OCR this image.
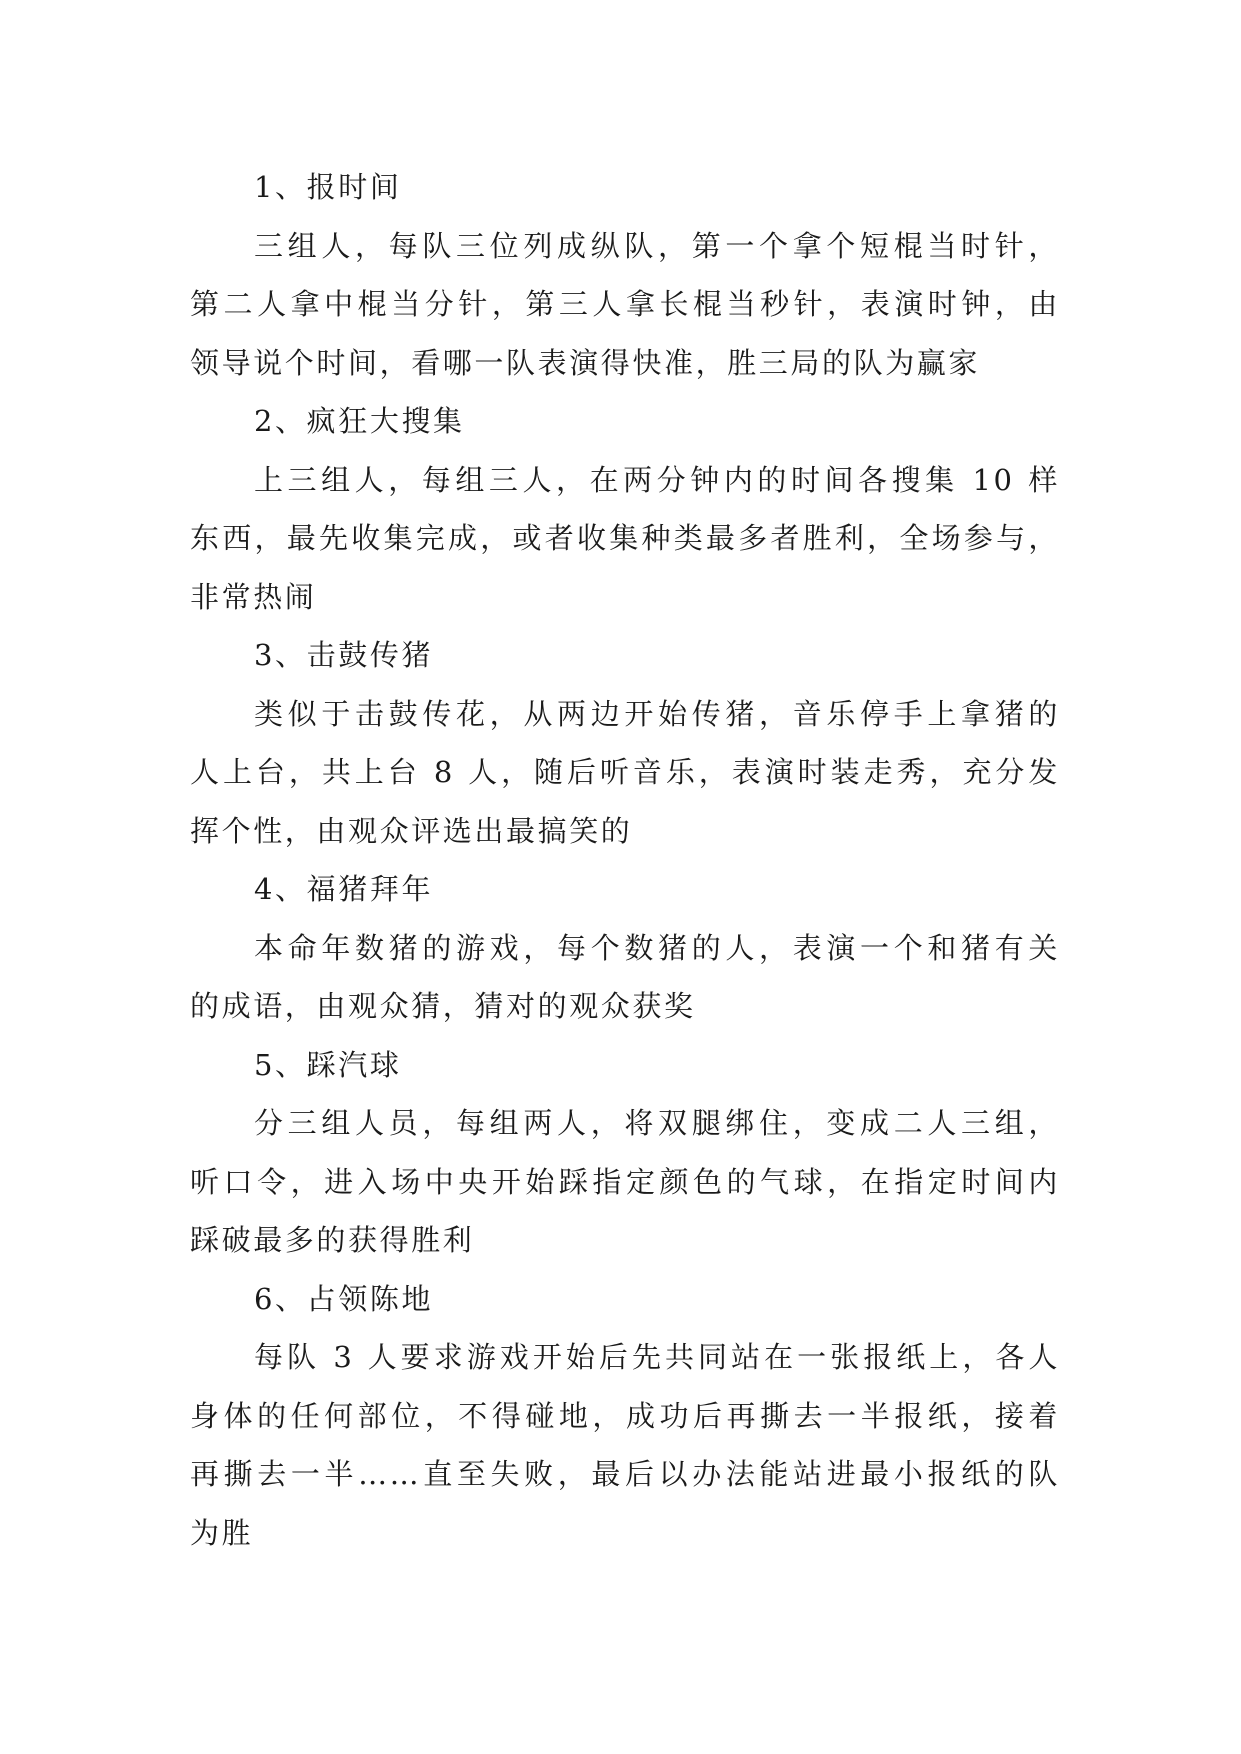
1、报时间
三组人，每队三位列成纵队，第一个拿个短棍当时针，
第二人拿中棍当分针，第三人拿长棍当秒针，表演时钟，由
领导说个时间，看哪一队表演得快准，胜三局的队为赢家
2、疯狂大搜集
上三组人，每组三人，在两分钟内的时间各搜集 10 样
东西，最先收集完成，或者收集种类最多者胜利，全场参与，
非常热闹
3、击鼓传猪
类似于击鼓传花，从两边开始传猪，音乐停手上拿猪的
人上台，共上台 8 人，随后听音乐，表演时装走秀，充分发
挥个性，由观众评选出最搞笑的
4、福猪拜年
本命年数猪的游戏，每个数猪的人，表演一个和猪有关
的成语，由观众猜，猜对的观众获奖
5、踩汽球
分三组人员，每组两人，将双腿绑住，变成二人三组，
听口令，进入场中央开始踩指定颜色的气球，在指定时间内
踩破最多的获得胜利
6、占领陈地
每队 3 人要求游戏开始后先共同站在一张报纸上，各人
身体的任何部位，不得碰地，成功后再撕去一半报纸，接着
再撕去一半……直至失败，最后以办法能站进最小报纸的队
为胜
